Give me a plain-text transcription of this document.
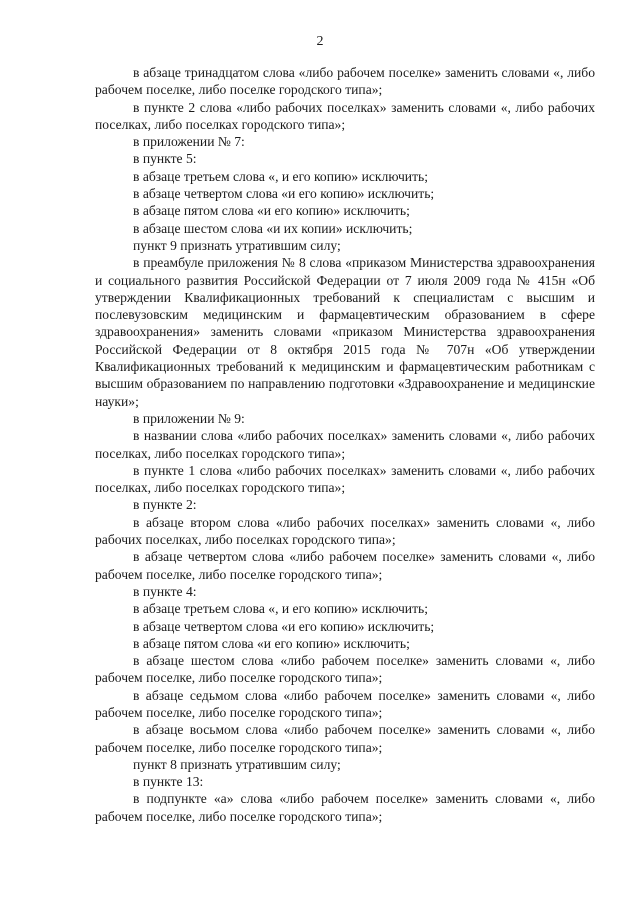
2

в абзаце тринадцатом слова «либо рабочем поселке» заменить словами «, либо рабочем поселке, либо поселке городского типа»;

в пункте 2 слова «либо рабочих поселках» заменить словами «, либо рабочих поселках, либо поселках городского типа»;

в приложении № 7:

в пункте 5:

в абзаце третьем слова «, и его копию» исключить;

в абзаце четвертом слова «и его копию» исключить;

в абзаце пятом слова «и его копию» исключить;

в абзаце шестом слова «и их копии» исключить;

пункт 9 признать утратившим силу;

в преамбуле приложения № 8 слова «приказом Министерства здравоохранения и социального развития Российской Федерации от 7 июля 2009 года № 415н «Об утверждении Квалификационных требований к специалистам с высшим и послевузовским медицинским и фармацевтическим образованием в сфере здравоохранения» заменить словами «приказом Министерства здравоохранения Российской Федерации от 8 октября 2015 года № 707н «Об утверждении Квалификационных требований к медицинским и фармацевтическим работникам с высшим образованием по направлению подготовки «Здравоохранение и медицинские науки»;

в приложении № 9:

в названии слова «либо рабочих поселках» заменить словами «, либо рабочих поселках, либо поселках городского типа»;

в пункте 1 слова «либо рабочих поселках» заменить словами «, либо рабочих поселках, либо поселках городского типа»;

в пункте 2:

в абзаце втором слова «либо рабочих поселках» заменить словами «, либо рабочих поселках, либо поселках городского типа»;

в абзаце четвертом слова «либо рабочем поселке» заменить словами «, либо рабочем поселке, либо поселке городского типа»;

в пункте 4:

в абзаце третьем слова «, и его копию» исключить;

в абзаце четвертом слова «и его копию» исключить;

в абзаце пятом слова «и его копию» исключить;

в абзаце шестом слова «либо рабочем поселке» заменить словами «, либо рабочем поселке, либо поселке городского типа»;

в абзаце седьмом слова «либо рабочем поселке» заменить словами «, либо рабочем поселке, либо поселке городского типа»;

в абзаце восьмом слова «либо рабочем поселке» заменить словами «, либо рабочем поселке, либо поселке городского типа»;

пункт 8 признать утратившим силу;

в пункте 13:

в подпункте «а» слова «либо рабочем поселке» заменить словами «, либо рабочем поселке, либо поселке городского типа»;
